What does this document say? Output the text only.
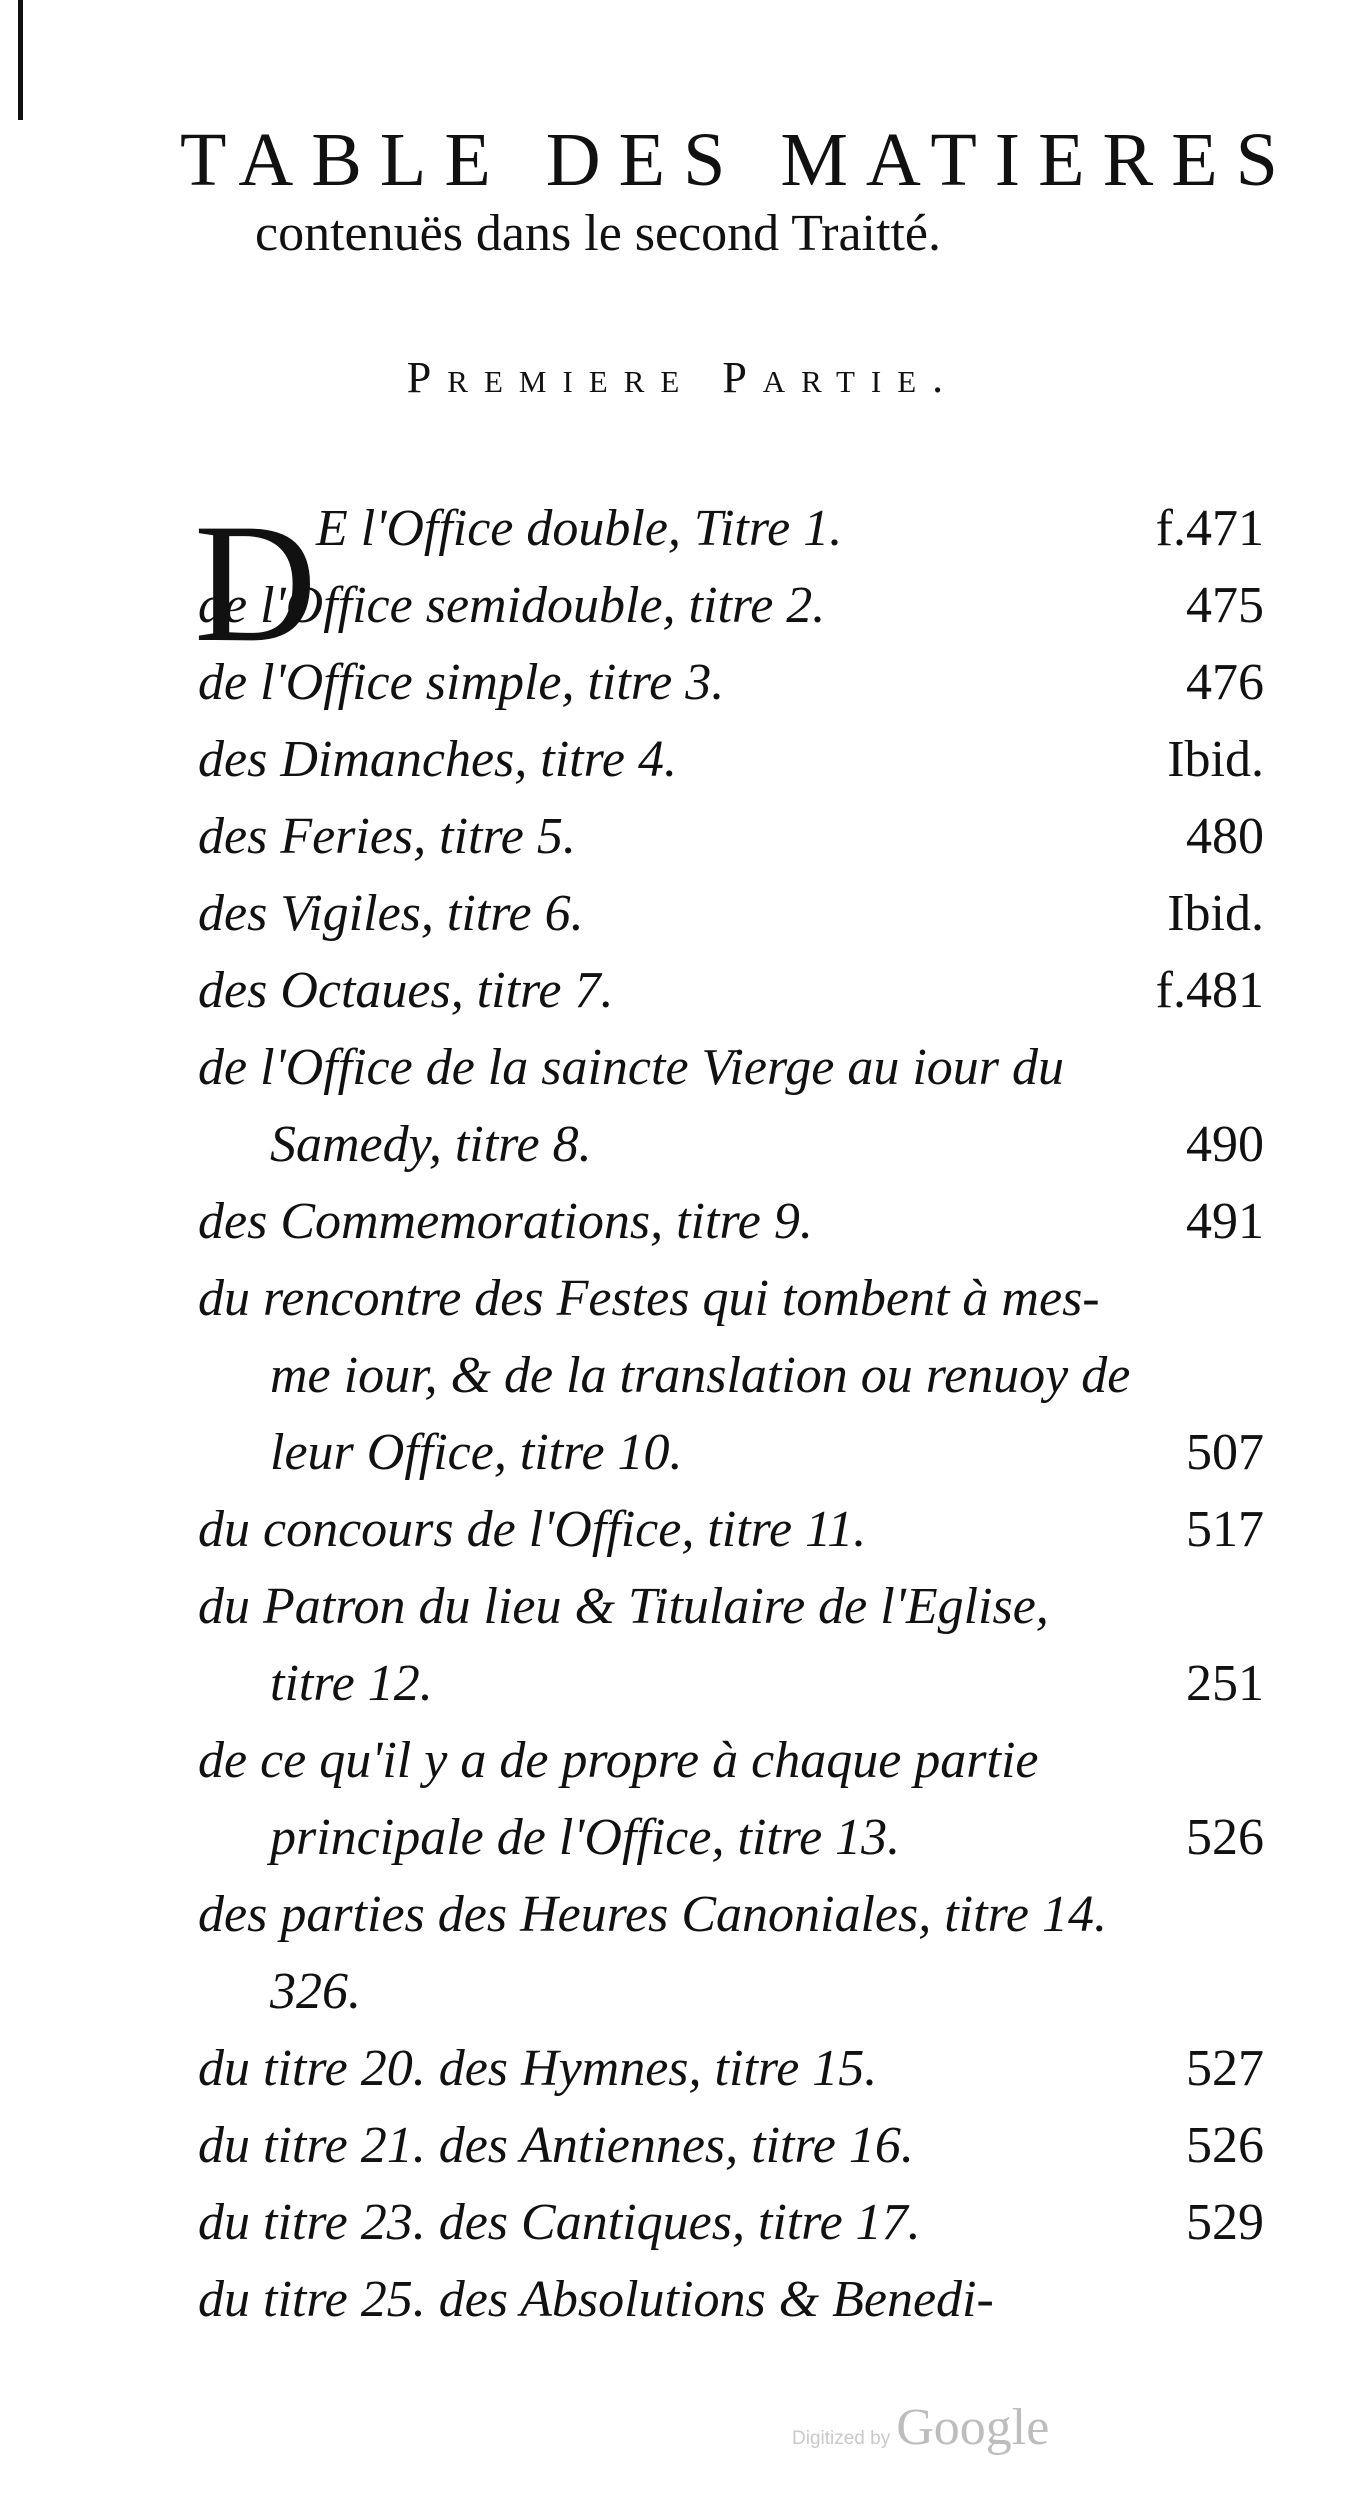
TABLE DES MATIERES
contenuës dans le second Traitté.
Premiere Partie.
D E l'Office double, Titre 1.	f.471
de l'Office semidouble, titre 2.	475
de l'Office simple, titre 3.	476
des Dimanches, titre 4.	Ibid.
des Feries, titre 5.	480
des Vigiles, titre 6.	Ibid.
des Octaues, titre 7.	f.481
de l'Office de la saincte Vierge au iour du
Samedy, titre 8.	490
des Commemorations, titre 9.	491
du rencontre des Festes qui tombent à mes-
me iour, & de la translation ou renuoy de
leur Office, titre 10.	507
du concours de l'Office, titre 11.	517
du Patron du lieu & Titulaire de l'Eglise,
titre 12.	251
de ce qu'il y a de propre à chaque partie
principale de l'Office, titre 13.	526
des parties des Heures Canoniales, titre 14.
326.
du titre 20. des Hymnes, titre 15.	527
du titre 21. des Antiennes, titre 16.	526
du titre 23. des Cantiques, titre 17.	529
du titre 25. des Absolutions & Benedi-
Digitized by Google
